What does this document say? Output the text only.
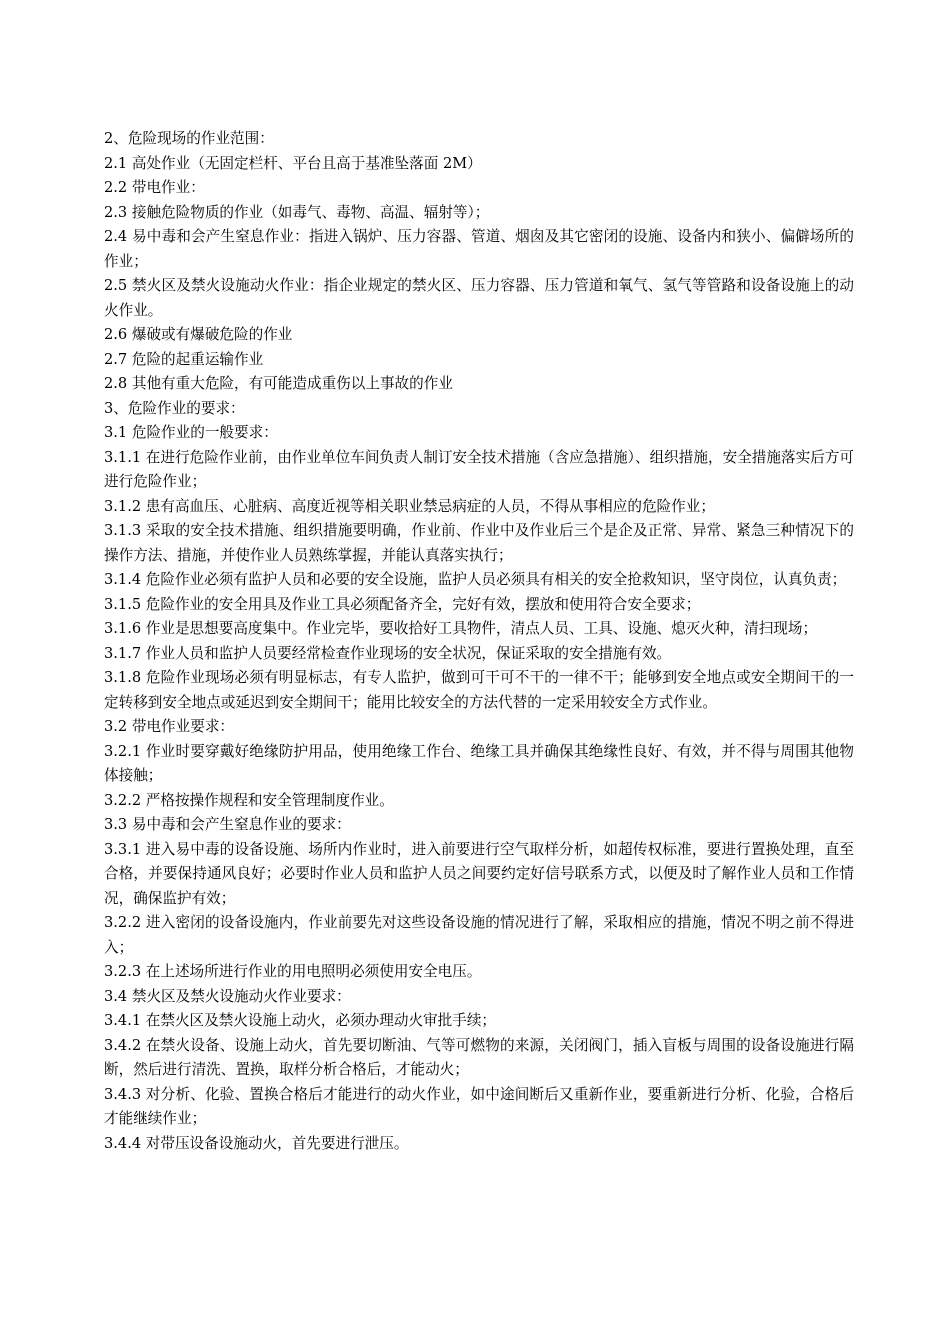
2、危险现场的作业范围：

2.1 高处作业（无固定栏杆、平台且高于基准坠落面 2M）

2.2 带电作业：

2.3 接触危险物质的作业（如毒气、毒物、高温、辐射等）；

2.4 易中毒和会产生窒息作业：指进入锅炉、压力容器、管道、烟囱及其它密闭的设施、设备内和狭小、偏僻场所的作业；

2.5 禁火区及禁火设施动火作业：指企业规定的禁火区、压力容器、压力管道和氧气、氢气等管路和设备设施上的动火作业。

2.6 爆破或有爆破危险的作业

2.7 危险的起重运输作业

2.8 其他有重大危险，有可能造成重伤以上事故的作业

3、危险作业的要求：

3.1 危险作业的一般要求：

3.1.1 在进行危险作业前，由作业单位车间负责人制订安全技术措施（含应急措施）、组织措施，安全措施落实后方可进行危险作业；

3.1.2 患有高血压、心脏病、高度近视等相关职业禁忌病症的人员，不得从事相应的危险作业；

3.1.3 采取的安全技术措施、组织措施要明确，作业前、作业中及作业后三个是企及正常、异常、紧急三种情况下的操作方法、措施，并使作业人员熟练掌握，并能认真落实执行；

3.1.4 危险作业必须有监护人员和必要的安全设施，监护人员必须具有相关的安全抢救知识，坚守岗位，认真负责；

3.1.5 危险作业的安全用具及作业工具必须配备齐全，完好有效，摆放和使用符合安全要求；

3.1.6 作业是思想要高度集中。作业完毕，要收拾好工具物件，清点人员、工具、设施、熄灭火种，清扫现场；

3.1.7 作业人员和监护人员要经常检查作业现场的安全状况，保证采取的安全措施有效。

3.1.8 危险作业现场必须有明显标志，有专人监护，做到可干可不干的一律不干；能够到安全地点或安全期间干的一定转移到安全地点或延迟到安全期间干；能用比较安全的方法代替的一定采用较安全方式作业。

3.2 带电作业要求：

3.2.1 作业时要穿戴好绝缘防护用品，使用绝缘工作台、绝缘工具并确保其绝缘性良好、有效，并不得与周围其他物体接触；

3.2.2 严格按操作规程和安全管理制度作业。

3.3 易中毒和会产生窒息作业的要求：

3.3.1 进入易中毒的设备设施、场所内作业时，进入前要进行空气取样分析，如超传权标准，要进行置换处理，直至合格，并要保持通风良好；必要时作业人员和监护人员之间要约定好信号联系方式，以便及时了解作业人员和工作情况，确保监护有效；

3.2.2 进入密闭的设备设施内，作业前要先对这些设备设施的情况进行了解，采取相应的措施，情况不明之前不得进入；

3.2.3 在上述场所进行作业的用电照明必须使用安全电压。

3.4 禁火区及禁火设施动火作业要求：

3.4.1 在禁火区及禁火设施上动火，必须办理动火审批手续；

3.4.2 在禁火设备、设施上动火，首先要切断油、气等可燃物的来源，关闭阀门，插入盲板与周围的设备设施进行隔断，然后进行清洗、置换，取样分析合格后，才能动火；

3.4.3 对分析、化验、置换合格后才能进行的动火作业，如中途间断后又重新作业，要重新进行分析、化验，合格后才能继续作业；

3.4.4 对带压设备设施动火，首先要进行泄压。
